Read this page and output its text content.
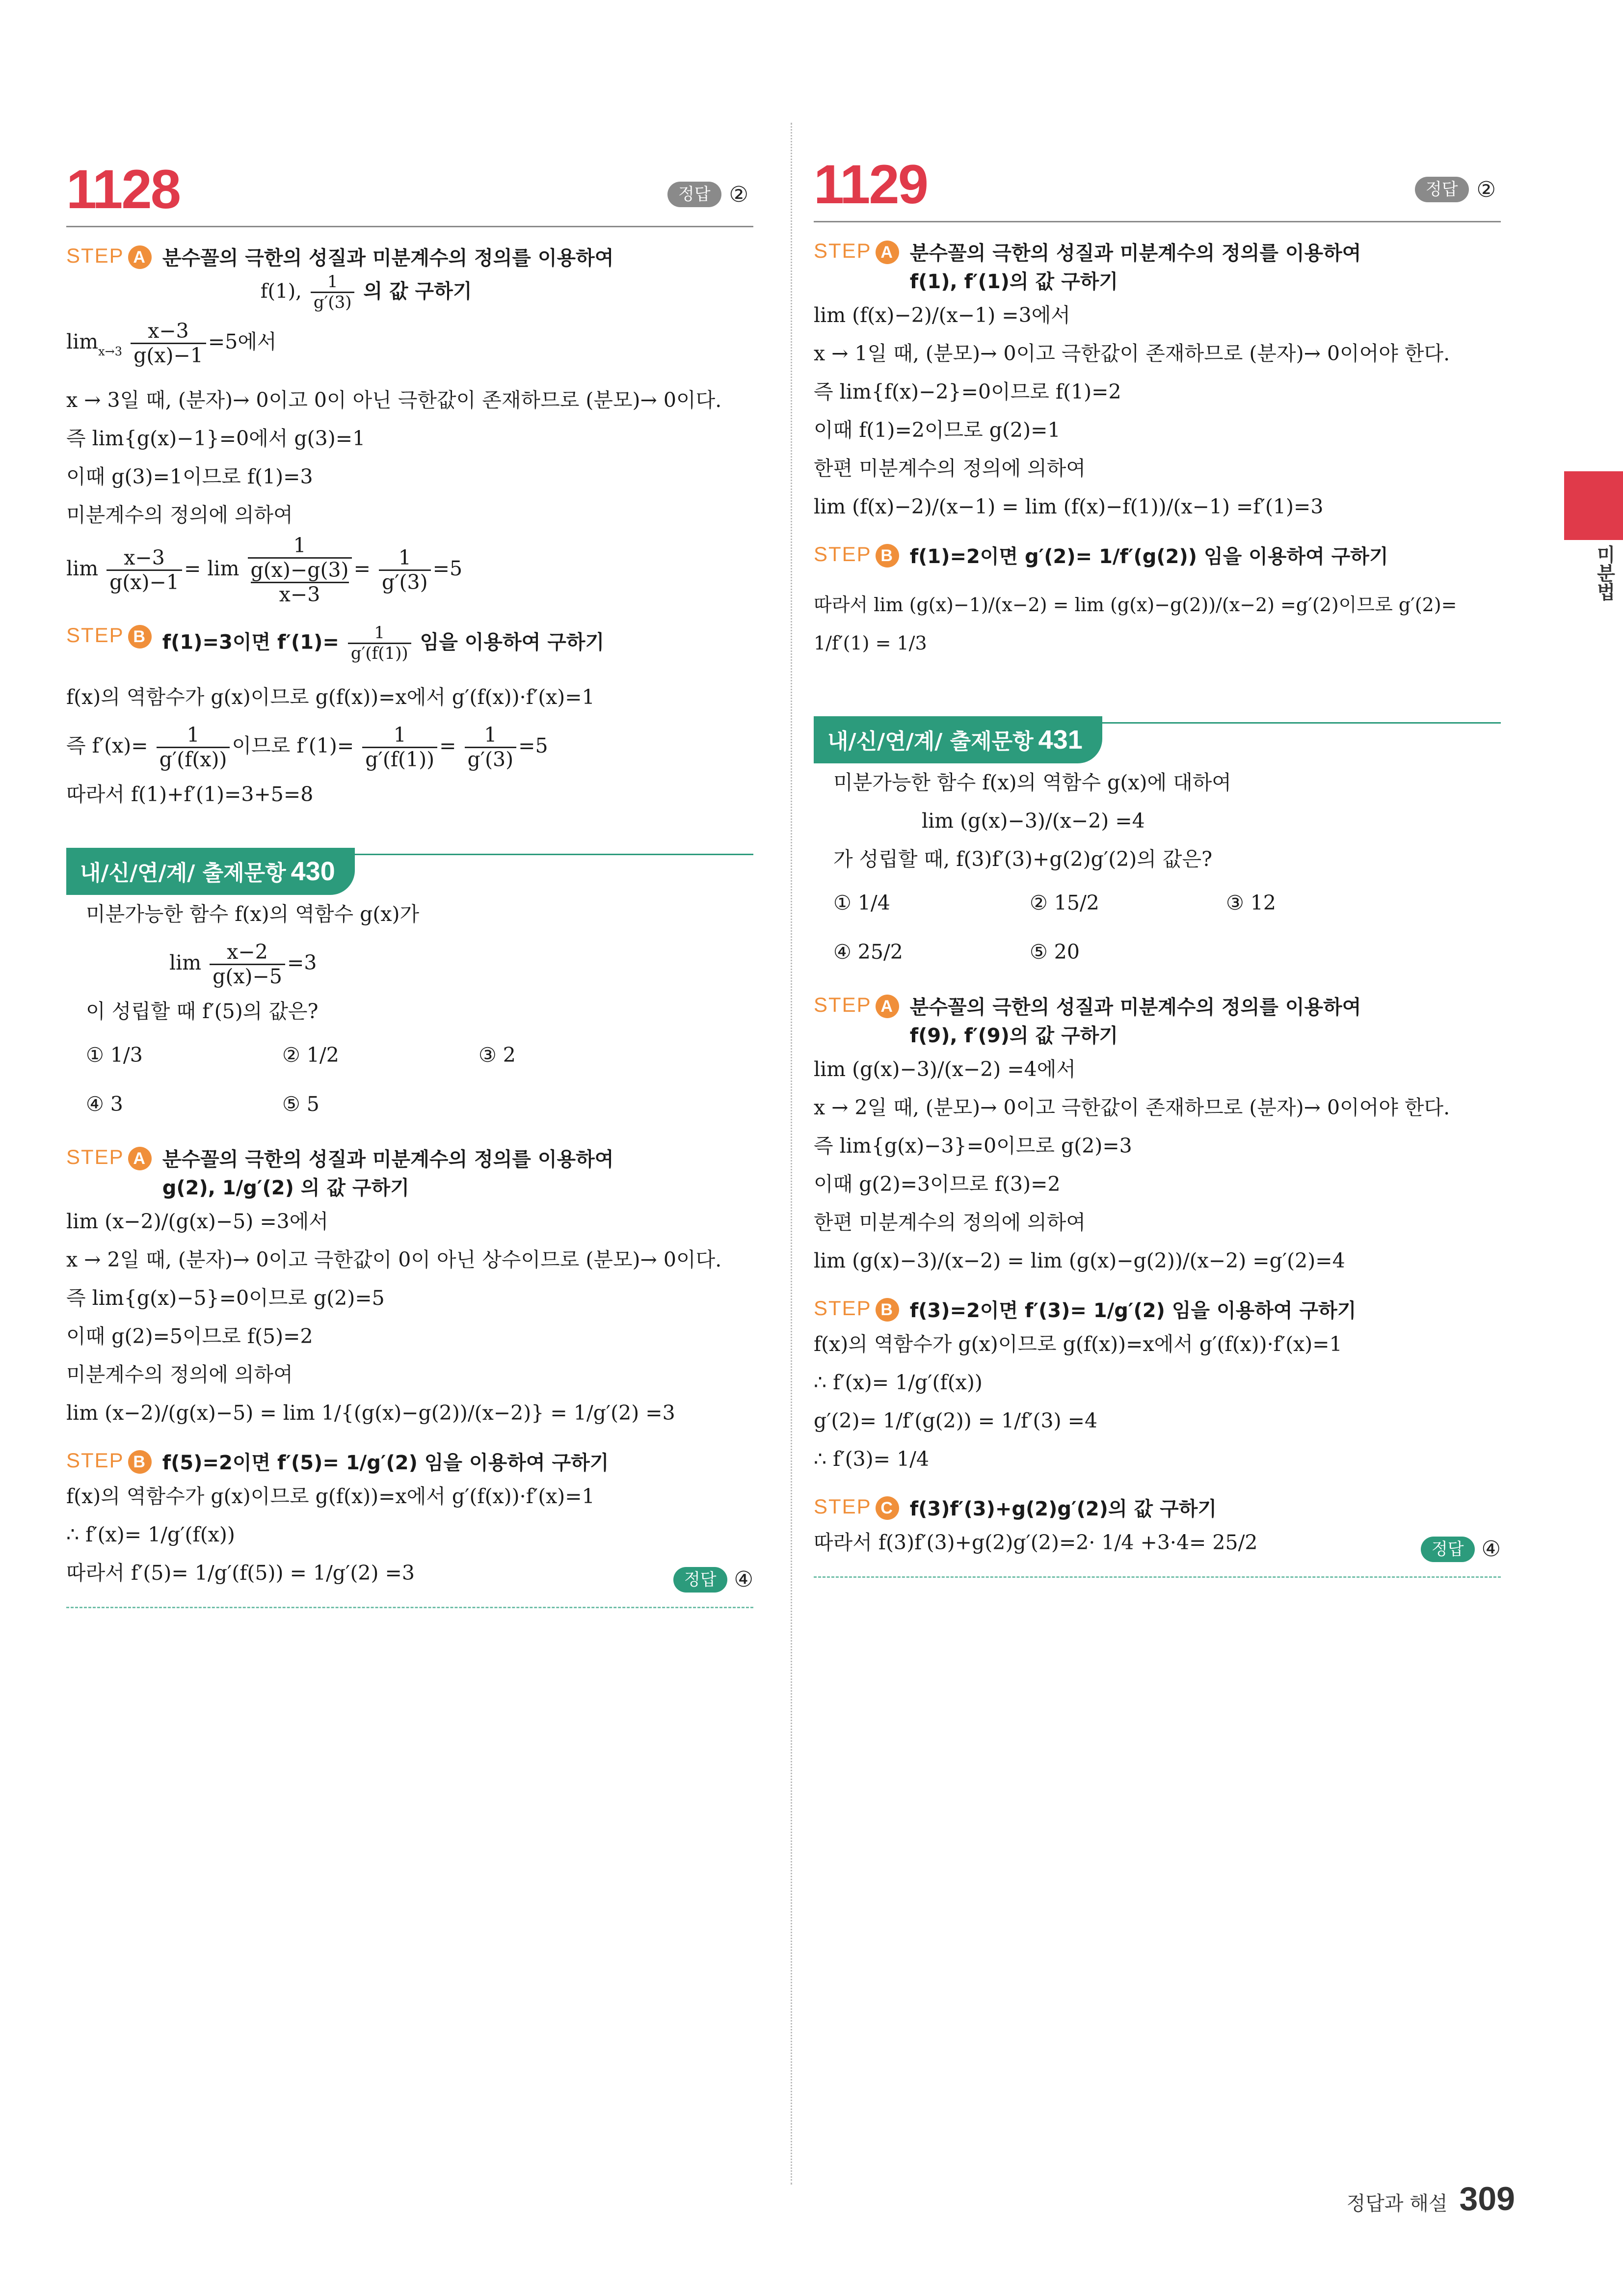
미분법
1128	정답 ②
STEP A 분수꼴의 극한의 성질과 미분계수의 정의를 이용하여
f(1), $\frac{1}{g'(3)}$ 의 값 구하기
$\lim_{x\to 3} \frac{x-3}{g(x)-1} =5$에서
x → 3일 때, (분자)→ 0이고 0이 아닌 극한값이 존재하므로 (분모)→ 0이다.
즉 lim{g(x)−1}=0에서 g(3)=1
이때 g(3)=1이므로 f(1)=3
미분계수의 정의에 의하여
$\lim \frac{x-3}{g(x)-1} = \lim 1$
g(x)−g(3)
$x-3 = \frac{1}{g'(3)} =5$
STEP B f(1)=3이면 $f'(1)= \frac{1}{g'(f(1))}$ 임을 이용하여 구하기
f(x)의 역함수가 g(x)이므로 g(f(x))=x에서 g′(f(x))·f′(x)=1
즉 $f'(x)= \frac{1}{g'(f(x))}$ 이므로 $f'(1)= \frac{1}{g'(f(1))} = \frac{1}{g'(3)} =5$
따라서 f(1)+f′(1)=3+5=8
내/신/연/계/ 출제문항 430
미분가능한 함수 f(x)의 역함수 g(x)가
$\lim \frac{x-2}{g(x)-5} =3$
이 성립할 때 f′(5)의 값은?
① 1/3	② 1/2	③ 2
④ 3	⑤ 5
STEP A 분수꼴의 극한의 성질과 미분계수의 정의를 이용하여
g(2), 1/g′(2) 의 값 구하기
lim (x−2)/(g(x)−5) =3에서
x → 2일 때, (분자)→ 0이고 극한값이 0이 아닌 상수이므로 (분모)→ 0이다.
즉 lim{g(x)−5}=0이므로 g(2)=5
이때 g(2)=5이므로 f(5)=2
미분계수의 정의에 의하여
lim (x−2)/(g(x)−5) = lim 1/{(g(x)−g(2))/(x−2)} = 1/g′(2) =3
STEP B f(5)=2이면 f′(5)= 1/g′(2) 임을 이용하여 구하기
f(x)의 역함수가 g(x)이므로 g(f(x))=x에서 g′(f(x))·f′(x)=1
∴ f′(x)= 1/g′(f(x))
따라서 f′(5)= 1/g′(f(5)) = 1/g′(2) =3	정답 ④
1129	정답 ②
STEP A 분수꼴의 극한의 성질과 미분계수의 정의를 이용하여
f(1), f′(1)의 값 구하기
lim (f(x)−2)/(x−1) =3에서
x → 1일 때, (분모)→ 0이고 극한값이 존재하므로 (분자)→ 0이어야 한다.
즉 lim{f(x)−2}=0이므로 f(1)=2
이때 f(1)=2이므로 g(2)=1
한편 미분계수의 정의에 의하여
lim (f(x)−2)/(x−1) = lim (f(x)−f(1))/(x−1) =f′(1)=3
STEP B f(1)=2이면 g′(2)= 1/f′(g(2)) 임을 이용하여 구하기
따라서 lim (g(x)−1)/(x−2) = lim (g(x)−g(2))/(x−2) =g′(2)이므로 g′(2)= 1/f′(1) = 1/3
내/신/연/계/ 출제문항 431
미분가능한 함수 f(x)의 역함수 g(x)에 대하여
lim (g(x)−3)/(x−2) =4
가 성립할 때, f(3)f′(3)+g(2)g′(2)의 값은?
① 1/4	② 15/2	③ 12
④ 25/2	⑤ 20
STEP A 분수꼴의 극한의 성질과 미분계수의 정의를 이용하여
f(9), f′(9)의 값 구하기
lim (g(x)−3)/(x−2) =4에서
x → 2일 때, (분모)→ 0이고 극한값이 존재하므로 (분자)→ 0이어야 한다.
즉 lim{g(x)−3}=0이므로 g(2)=3
이때 g(2)=3이므로 f(3)=2
한편 미분계수의 정의에 의하여
lim (g(x)−3)/(x−2) = lim (g(x)−g(2))/(x−2) =g′(2)=4
STEP B f(3)=2이면 f′(3)= 1/g′(2) 임을 이용하여 구하기
f(x)의 역함수가 g(x)이므로 g(f(x))=x에서 g′(f(x))·f′(x)=1
∴ f′(x)= 1/g′(f(x))
g′(2)= 1/f′(g(2)) = 1/f′(3) =4
∴ f′(3)= 1/4
STEP C f(3)f′(3)+g(2)g′(2)의 값 구하기
따라서 f(3)f′(3)+g(2)g′(2)=2· 1/4 +3·4= 25/2	정답 ④
정답과 해설 309
